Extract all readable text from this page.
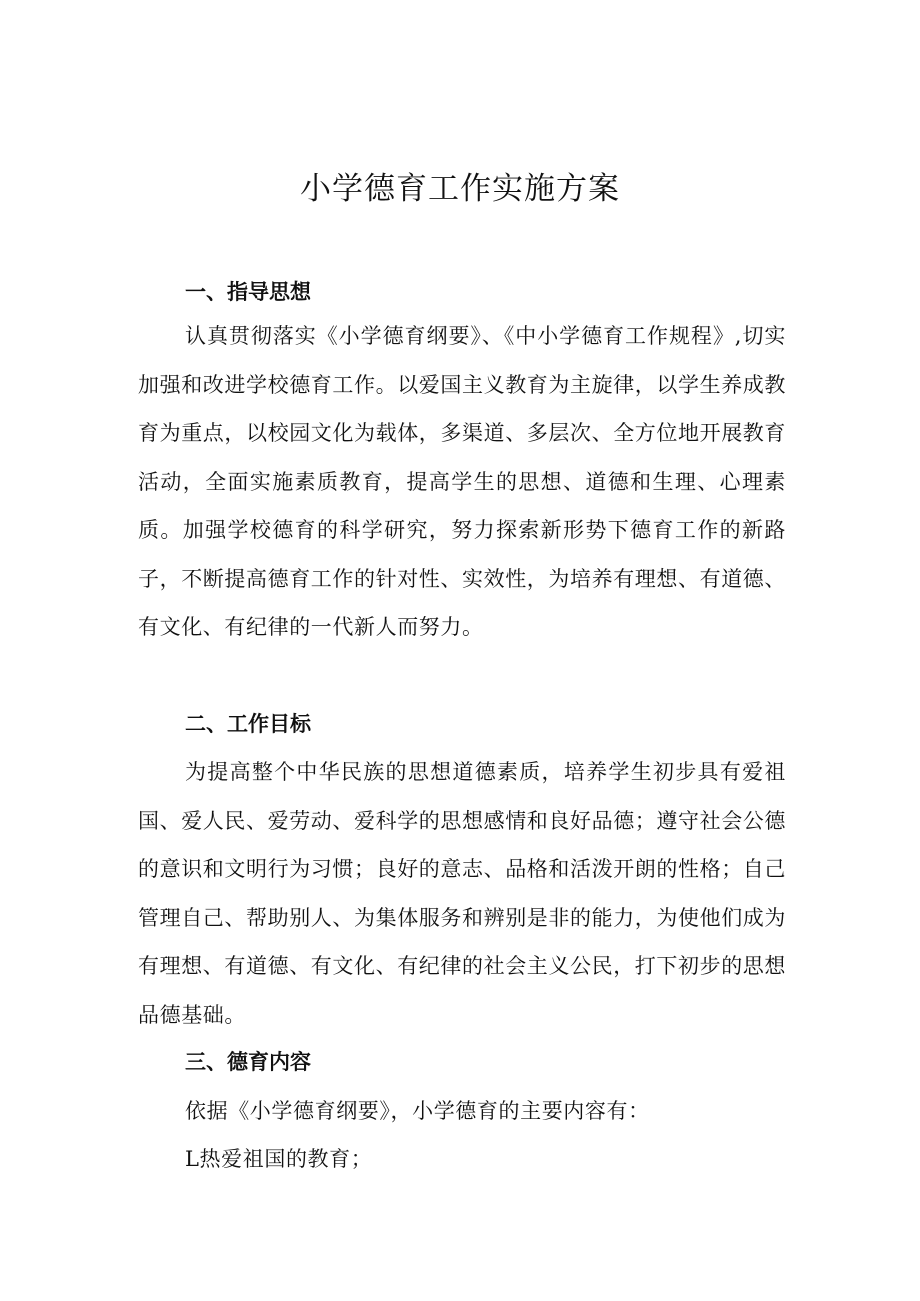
小学德育工作实施方案
一、指导思想

认真贯彻落实《小学德育纲要》、《中小学德育工作规程》,切实加强和改进学校德育工作。以爱国主义教育为主旋律，以学生养成教育为重点，以校园文化为载体，多渠道、多层次、全方位地开展教育活动，全面实施素质教育，提高学生的思想、道德和生理、心理素质。加强学校德育的科学研究，努力探索新形势下德育工作的新路子，不断提高德育工作的针对性、实效性，为培养有理想、有道德、有文化、有纪律的一代新人而努力。

二、工作目标

为提高整个中华民族的思想道德素质，培养学生初步具有爱祖国、爱人民、爱劳动、爱科学的思想感情和良好品德；遵守社会公德的意识和文明行为习惯；良好的意志、品格和活泼开朗的性格；自己管理自己、帮助别人、为集体服务和辨别是非的能力，为使他们成为有理想、有道德、有文化、有纪律的社会主义公民，打下初步的思想品德基础。

三、德育内容

依据《小学德育纲要》，小学德育的主要内容有：

L热爱祖国的教育；
